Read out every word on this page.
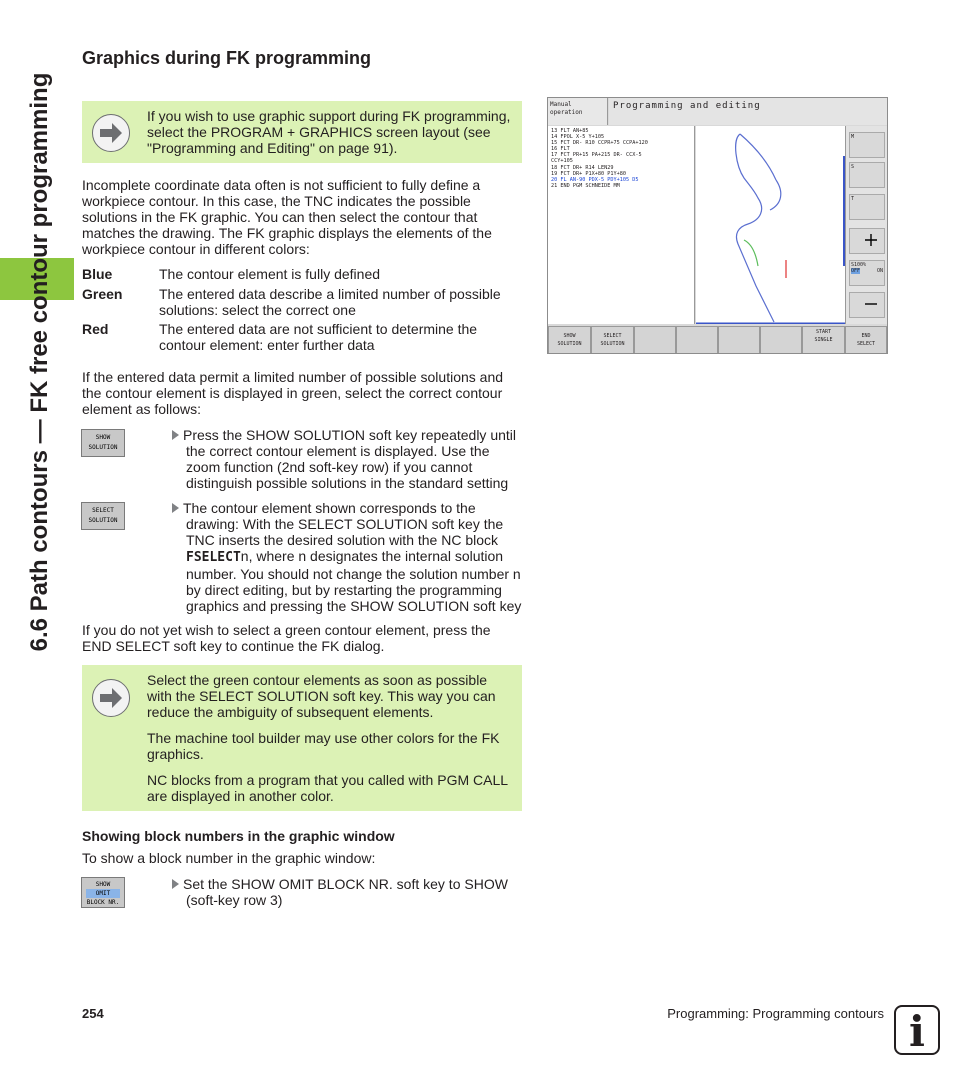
6.6 Path contours — FK free contour programming
Graphics during FK programming
If you wish to use graphic support during FK programming, select the PROGRAM + GRAPHICS screen layout (see "Programming and Editing" on page 91).

Incomplete coordinate data often is not sufficient to fully define a workpiece contour. In this case, the TNC indicates the possible solutions in the FK graphic. You can then select the contour that matches the drawing. The FK graphic displays the elements of the workpiece contour in different colors:

Blue	The contour element is fully defined
Green	The entered data describe a limited number of possible solutions: select the correct one
Red	The entered data are not sufficient to determine the contour element: enter further data

If the entered data permit a limited number of possible solutions and the contour element is displayed in green, select the correct contour element as follows:

SHOW
SOLUTION
Press the SHOW SOLUTION soft key repeatedly until
the correct contour element is displayed. Use the zoom function (2nd soft-key row) if you cannot distinguish possible solutions in the standard setting
SELECT
SOLUTION
The contour element shown corresponds to the
drawing: With the SELECT SOLUTION soft key the TNC inserts the desired solution with the NC block FSELECTn, where n designates the internal solution number. You should not change the solution number n by direct editing, but by restarting the programming graphics and pressing the SHOW SOLUTION soft key

If you do not yet wish to select a green contour element, press the END SELECT soft key to continue the FK dialog.

Select the green contour elements as soon as possible with the SELECT SOLUTION soft key. This way you can reduce the ambiguity of subsequent elements.

The machine tool builder may use other colors for the FK graphics.

NC blocks from a program that you called with PGM CALL are displayed in another color.

Showing block numbers in the graphic window

To show a block number in the graphic window:

SHOW

OMIT
BLOCK NR.
Set the SHOW OMIT BLOCK NR. soft key to SHOW
(soft-key row 3)
Manual
operation
Programming and editing
13 FLT AN+85
14 FPOL X-5 Y+105
15 FCT DR- R10 CCPR+75 CCPA+120
16 FLT
17 FCT PR+15 PA+215 DR- CCX-5
CCY+105
18 FCT DR+ R14 LEN29
19 FCT DR+ P1X+80 P1Y+80
20 FL AN-90 PDX-5 PDY+105 D5
21 END PGM SCHNEIDE MM
M
S
T
S100%
OFF	ON
SHOW
SOLUTION
SELECT
SOLUTION
START
SINGLE
END
SELECT
254	Programming: Programming contours i
